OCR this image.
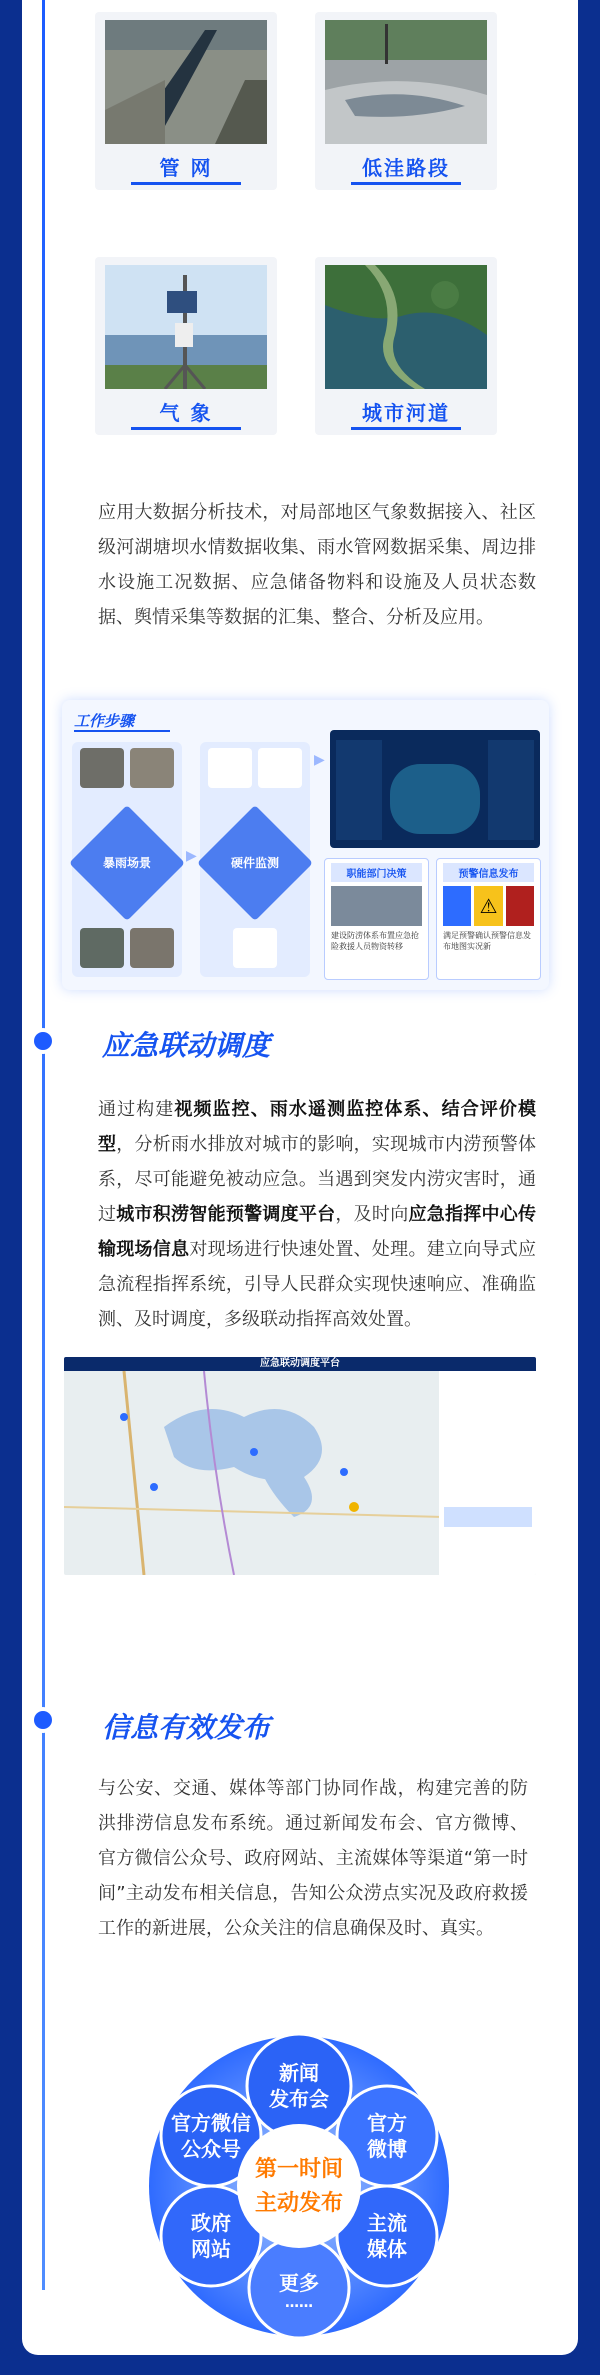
管 网	低洼路段
气 象	城市河道
应用大数据分析技术，对局部地区气象数据接入、社区级河湖塘坝水情数据收集、雨水管网数据采集、周边排水设施工况数据、应急储备物料和设施及人员状态数据、舆情采集等数据的汇集、整合、分析及应用。
工作步骤
暴雨场景	▶	硬件监测
▶
职能部门决策
建设防涝体系布置应急抢险救援人员物资转移
预警信息发布
⚠
满足预警确认预警信息发布地图实况新
应急联动调度
通过构建视频监控、雨水遥测监控体系、结合评价模型，分析雨水排放对城市的影响，实现城市内涝预警体系，尽可能避免被动应急。当遇到突发内涝灾害时，通过城市积涝智能预警调度平台，及时向应急指挥中心传输现场信息对现场进行快速处置、处理。建立向导式应急流程指挥系统，引导人民群众实现快速响应、准确监测、及时调度，多级联动指挥高效处置。
应急联动调度平台
信息有效发布
与公安、交通、媒体等部门协同作战，构建完善的防洪排涝信息发布系统。通过新闻发布会、官方微博、官方微信公众号、政府网站、主流媒体等渠道“第一时间”主动发布相关信息，告知公众涝点实况及政府救援工作的新进展，公众关注的信息确保及时、真实。
新闻
发布会
官方
微博
主流
媒体
更多
……
政府
网站
官方微信
公众号
第一时间
主动发布
